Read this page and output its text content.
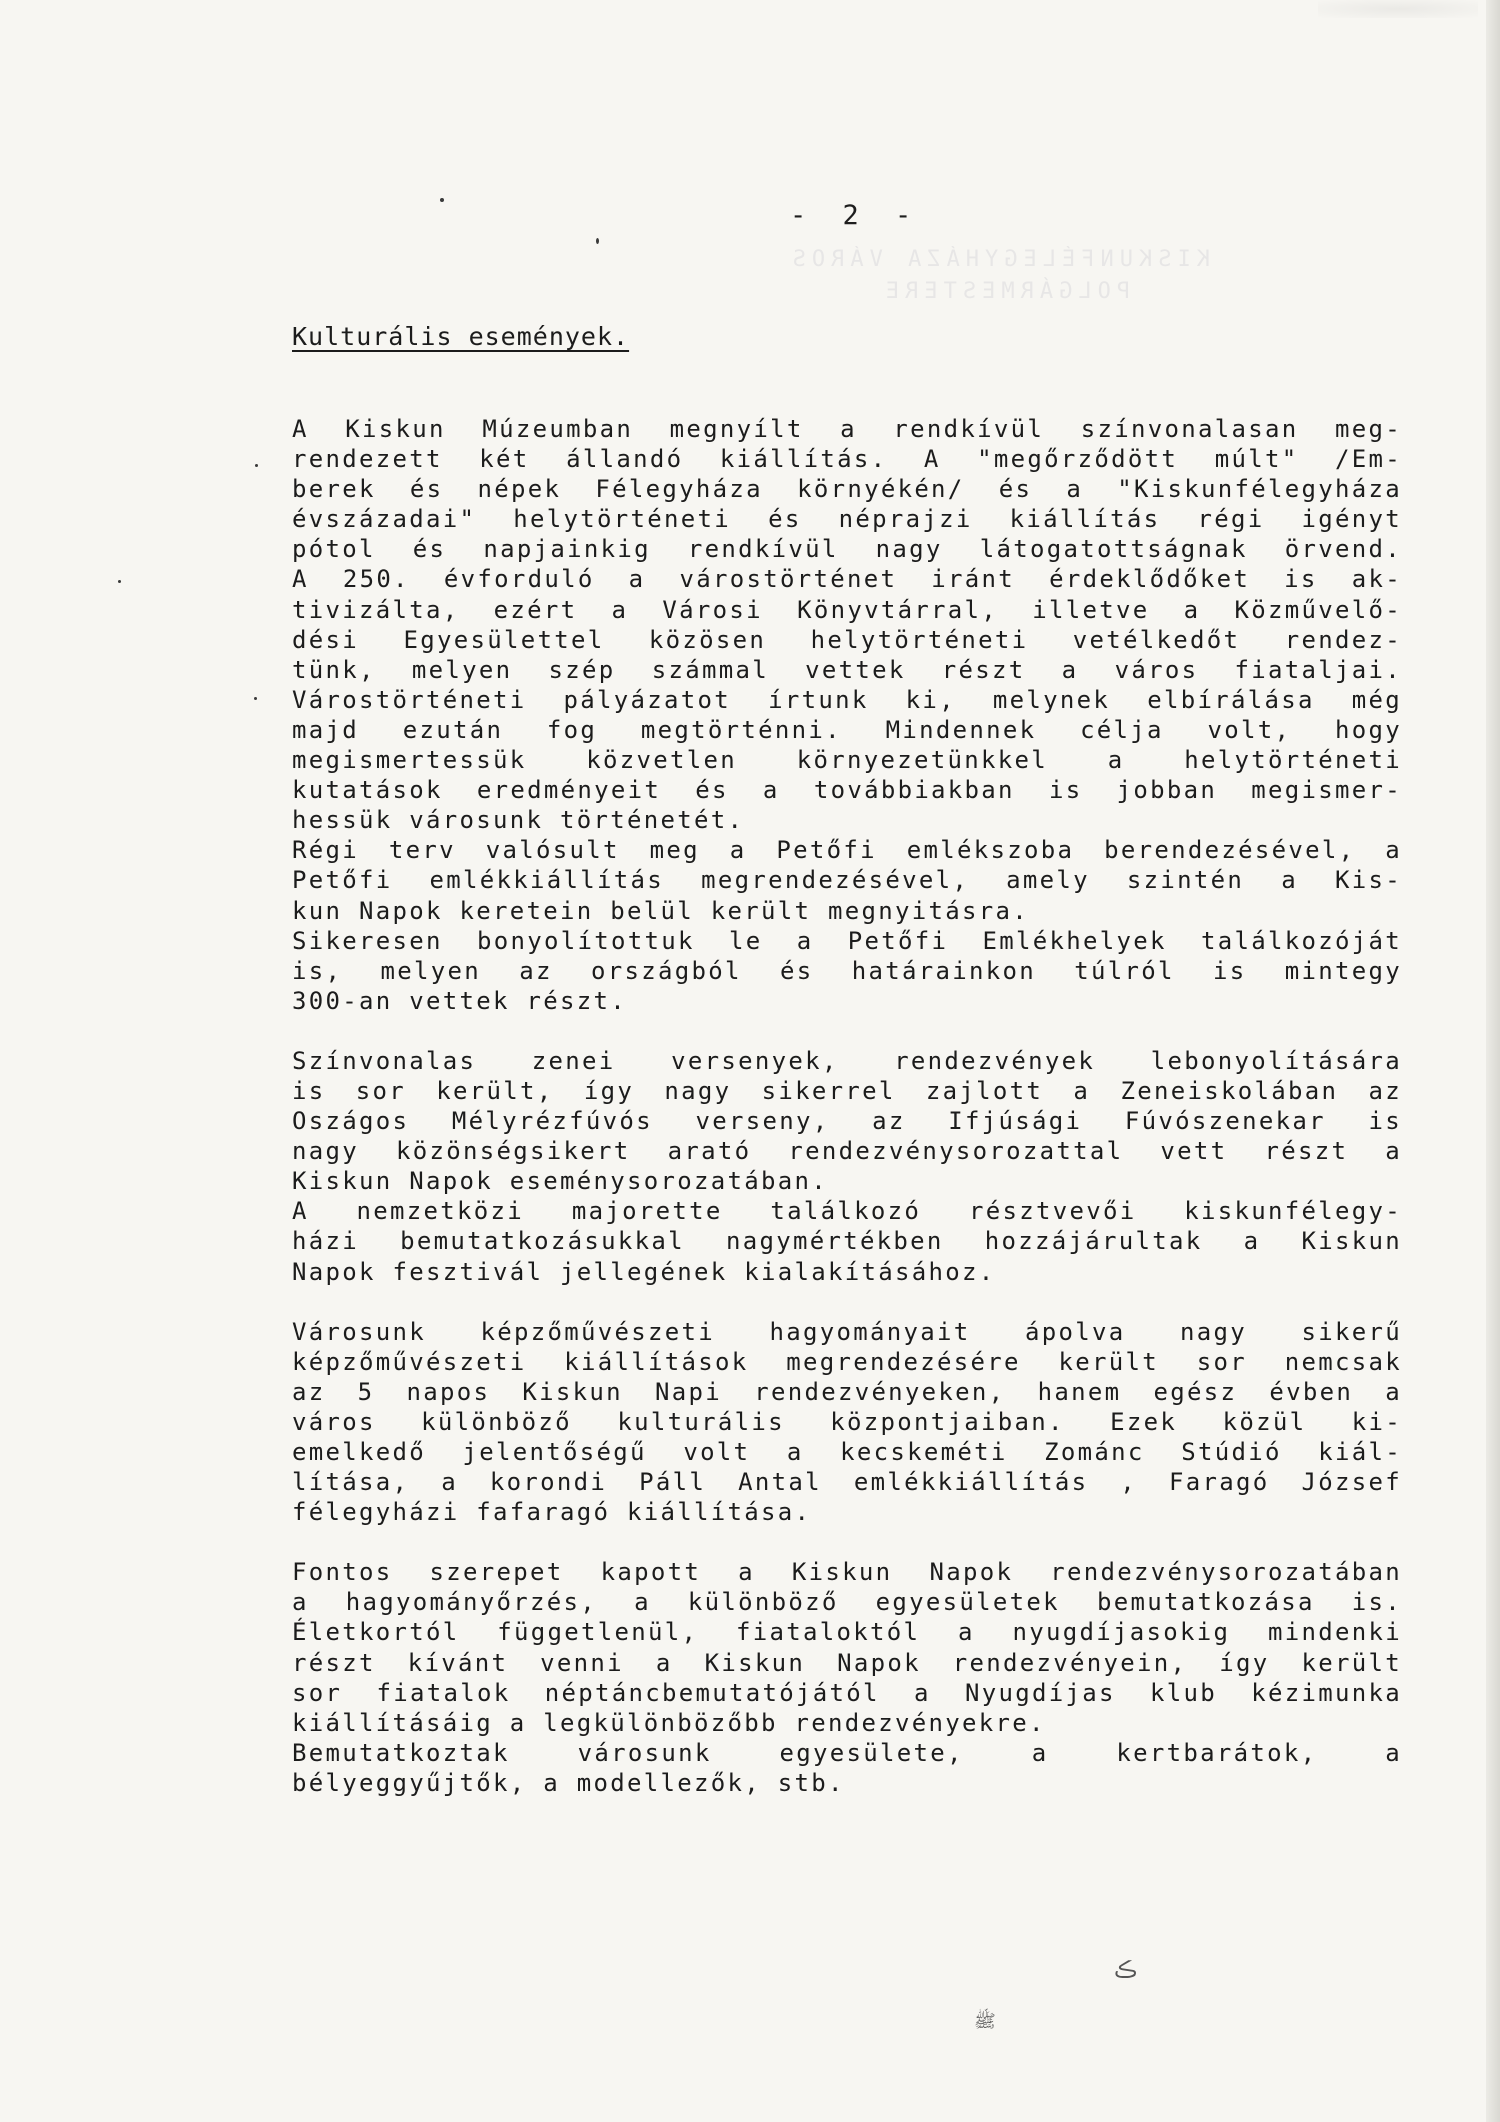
KISKUNFÉLEGYHÁZA VÁROS
POLGÁRMESTERE
- 2 -
Kulturális események.
A Kiskun Múzeumban megnyílt a rendkívül színvonalasan meg-
rendezett két állandó kiállítás. A "megőrződött múlt" /Em-
berek és népek Félegyháza környékén/ és a "Kiskunfélegyháza
évszázadai" helytörténeti és néprajzi kiállítás régi igényt
pótol és napjainkig rendkívül nagy látogatottságnak örvend.
A 250. évforduló a várostörténet iránt érdeklődőket is ak-
tivizálta, ezért a Városi Könyvtárral, illetve a Közművelő-
dési Egyesülettel közösen helytörténeti vetélkedőt rendez-
tünk, melyen szép számmal vettek részt a város fiataljai.
Várostörténeti pályázatot írtunk ki, melynek elbírálása még
majd ezután fog megtörténni. Mindennek célja volt, hogy
megismertessük közvetlen környezetünkkel a helytörténeti
kutatások eredményeit és a továbbiakban is jobban megismer-
hessük városunk történetét.
Régi terv valósult meg a Petőfi emlékszoba berendezésével, a
Petőfi emlékkiállítás megrendezésével, amely szintén a Kis-
kun Napok keretein belül került megnyitásra.
Sikeresen bonyolítottuk le a Petőfi Emlékhelyek találkozóját
is, melyen az országból és határainkon túlról is mintegy
300-an vettek részt.
Színvonalas zenei versenyek, rendezvények lebonyolítására
is sor került, így nagy sikerrel zajlott a Zeneiskolában az
Oszágos Mélyrézfúvós verseny, az Ifjúsági Fúvószenekar is
nagy közönségsikert arató rendezvénysorozattal vett részt a
Kiskun Napok eseménysorozatában.
A nemzetközi majorette találkozó résztvevői kiskunfélegy-
házi bemutatkozásukkal nagymértékben hozzájárultak a Kiskun
Napok fesztivál jellegének kialakításához.
Városunk képzőművészeti hagyományait ápolva nagy sikerű
képzőművészeti kiállítások megrendezésére került sor nemcsak
az 5 napos Kiskun Napi rendezvényeken, hanem egész évben a
város különböző kulturális központjaiban. Ezek közül ki-
emelkedő jelentőségű volt a kecskeméti Zománc Stúdió kiál-
lítása, a korondi Páll Antal emlékkiállítás , Faragó József
félegyházi fafaragó kiállítása.
Fontos szerepet kapott a Kiskun Napok rendezvénysorozatában
a hagyományőrzés, a különböző egyesületek bemutatkozása is.
Életkortól függetlenül, fiataloktól a nyugdíjasokig mindenki
részt kívánt venni a Kiskun Napok rendezvényein, így került
sor fiatalok néptáncbemutatójától a Nyugdíjas klub kézimunka
kiállításáig a legkülönbözőbb rendezvényekre.
Bemutatkoztak városunk egyesülete, a kertbarátok, a
bélyeggyűjtők, a modellezők, stb.
ڪ
ﷺ
